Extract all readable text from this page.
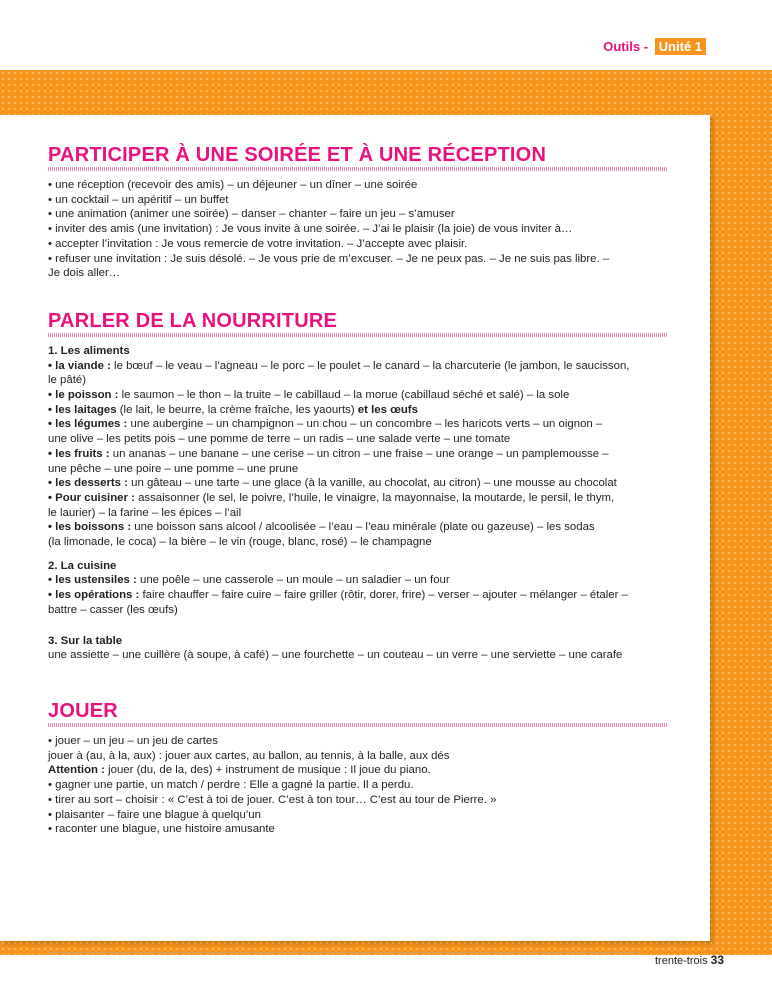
Outils - Unité 1
PARTICIPER À UNE SOIRÉE ET À UNE RÉCEPTION

• une réception (recevoir des amis) – un déjeuner – un dîner – une soirée

• un cocktail – un apéritif – un buffet

• une animation (animer une soirée) – danser – chanter – faire un jeu – s’amuser

• inviter des amis (une invitation) : Je vous invite à une soirée. – J’ai le plaisir (la joie) de vous inviter à…

• accepter l’invitation : Je vous remercie de votre invitation. – J’accepte avec plaisir.

• refuser une invitation : Je suis désolé. – Je vous prie de m’excuser. – Je ne peux pas. – Je ne suis pas libre. –

Je dois aller…

PARLER DE LA NOURRITURE

1. Les aliments

• la viande : le bœuf – le veau – l’agneau – le porc – le poulet – le canard – la charcuterie (le jambon, le saucisson,

le pâté)

• le poisson : le saumon – le thon – la truite – le cabillaud – la morue (cabillaud séché et salé) – la sole

• les laitages (le lait, le beurre, la crème fraîche, les yaourts) et les œufs

• les légumes : une aubergine – un champignon – un chou – un concombre – les haricots verts – un oignon –

une olive – les petits pois – une pomme de terre – un radis – une salade verte – une tomate

• les fruits : un ananas – une banane – une cerise – un citron – une fraise – une orange – un pamplemousse –

une pêche – une poire – une pomme – une prune

• les desserts : un gâteau – une tarte – une glace (à la vanille, au chocolat, au citron) – une mousse au chocolat

• Pour cuisiner : assaisonner (le sel, le poivre, l’huile, le vinaigre, la mayonnaise, la moutarde, le persil, le thym,

le laurier) – la farine – les épices – l’ail

• les boissons : une boisson sans alcool / alcoolisée – l’eau – l’eau minérale (plate ou gazeuse) – les sodas

(la limonade, le coca) – la bière – le vin (rouge, blanc, rosé) – le champagne

2. La cuisine

• les ustensiles : une poêle – une casserole – un moule – un saladier – un four

• les opérations : faire chauffer – faire cuire – faire griller (rôtir, dorer, frire) – verser – ajouter – mélanger – étaler –

battre – casser (les œufs)

3. Sur la table

une assiette – une cuillère (à soupe, à café) – une fourchette – un couteau – un verre – une serviette – une carafe

JOUER

• jouer – un jeu – un jeu de cartes

jouer à (au, à la, aux) : jouer aux cartes, au ballon, au tennis, à la balle, aux dés

Attention : jouer (du, de la, des) + instrument de musique : Il joue du piano.

• gagner une partie, un match / perdre : Elle a gagné la partie. Il a perdu.

• tirer au sort – choisir : « C’est à toi de jouer. C’est à ton tour… C’est au tour de Pierre. »

• plaisanter – faire une blague à quelqu’un

• raconter une blague, une histoire amusante

trente-trois 33
